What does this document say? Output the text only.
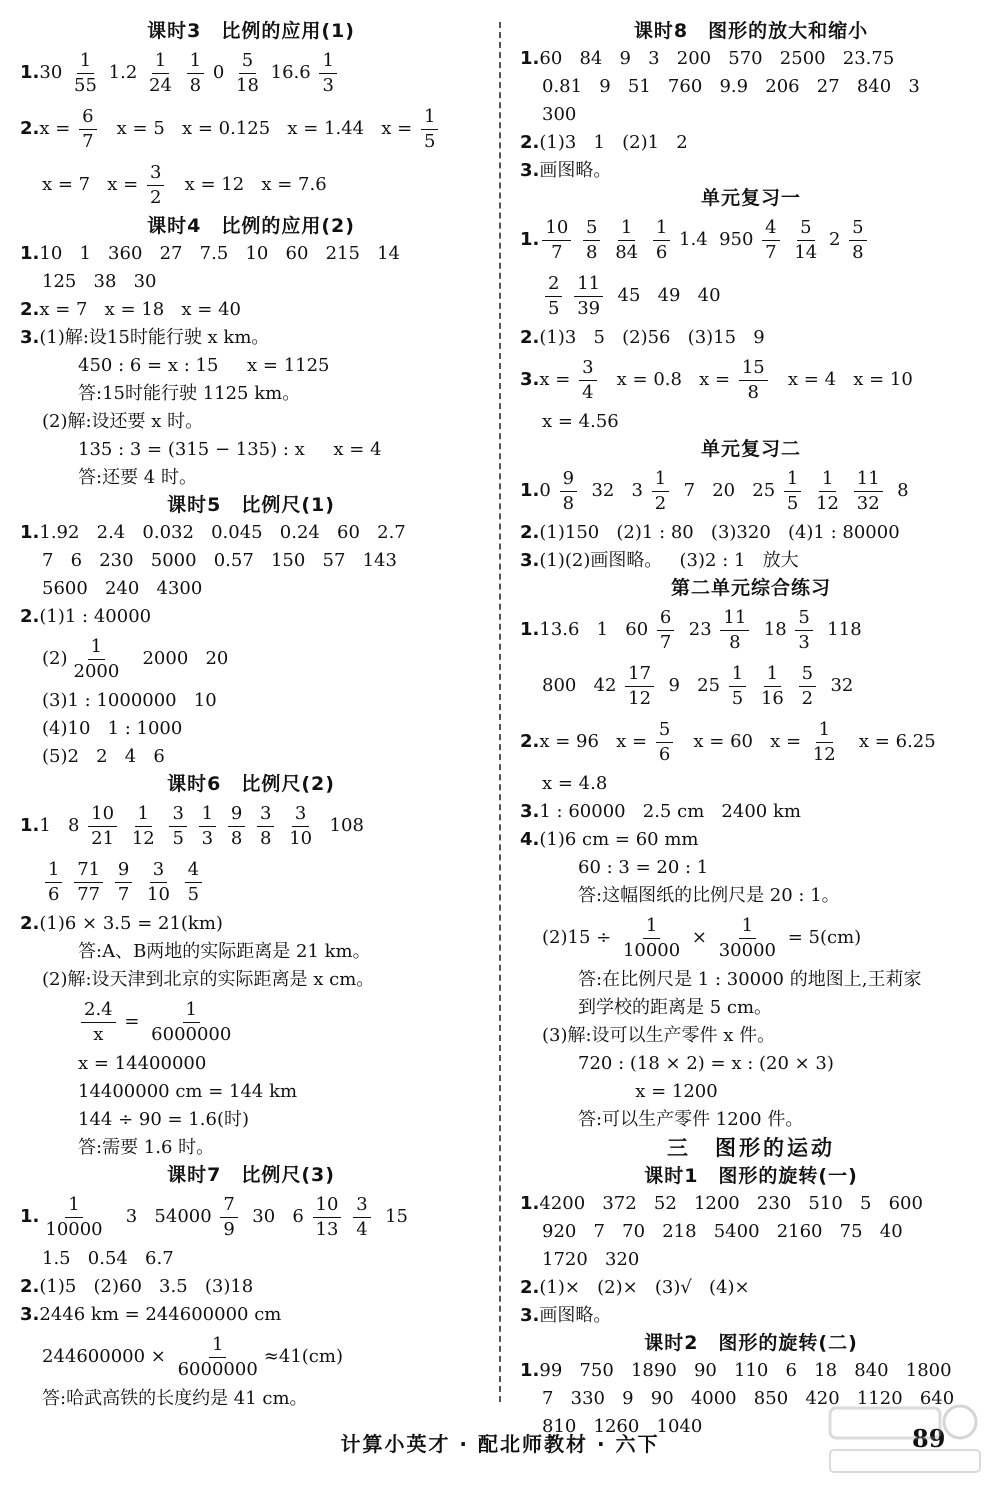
课时3　比例的应用(1)
1. $30 \frac{1}{55} 1.2 \frac{1}{24}$
$\frac{1}{8} 0 \frac{5}{18} 16.6 \frac{1}{3}$
2. $x = \frac{6}{7}$ x = 5   x = 0.125   x = 1.44   $x = \frac{1}{5}$
x = 7   $x = \frac{3}{2}$ x = 12   x = 7.6
课时4　比例的应用(2)
1. 10   1   360   27   7.5   10   60   215   14
125   38   30
2. x = 7   x = 18   x = 40
3. (1)解:设15时能行驶 x km。
450 : 6 = x : 15     x = 1125
答:15时能行驶 1125 km。
(2)解:设还要 x 时。
135 : 3 = (315 − 135) : x     x = 4
答:还要 4 时。
课时5　比例尺(1)
1. 1.92   2.4   0.032   0.045   0.24   60   2.7
7   6   230   5000   0.57   150   57   143
5600   240   4300
2. (1)1 : 40000
$(2) \frac{1}{2000} 2000$   20
(3)1 : 1000000   10
(4)10   1 : 1000
(5)2   2   4   6
课时6　比例尺(2)
1. 1   $8 \frac{10}{21}$
$\frac{1}{12}$
$\frac{3}{5}$
$\frac{1}{3}$
$\frac{9}{8}$
$\frac{3}{8}$
$\frac{3}{10} 108$
$\frac{1}{6}$
$\frac{71}{77}$
$\frac{9}{7}$
$\frac{3}{10}$
$\frac{4}{5}$
2. (1)6 × 3.5 = 21(km)
答:A、B两地的实际距离是 21 km。
(2)解:设天津到北京的实际距离是 x cm。
$\frac{2.4}{x} = \frac{1}{6000000}$
x = 14400000
14400000 cm = 144 km
144 ÷ 90 = 1.6(时)
答:需要 1.6 时。
课时7　比例尺(3)
1. $\frac{1}{10000} 3$   $54000 \frac{7}{9} 30$   $6 \frac{10}{13}$
$\frac{3}{4} 15$
1.5   0.54   6.7
2. (1)5   (2)60   3.5   (3)18
3. 2446 km = 244600000 cm
$244600000 \times \frac{1}{6000000} \approx 41(cm)$
答:哈武高铁的长度约是 41 cm。
课时8　图形的放大和缩小
1. 60   84   9   3   200   570   2500   23.75
0.81   9   51   760   9.9   206   27   840   3
300
2. (1)3   1   (2)1   2
3. 画图略。
单元复习一
1. $\frac{10}{7}$
$\frac{5}{8}$
$\frac{1}{84}$
$\frac{1}{6} 1.4$  $950 \frac{4}{7}$
$\frac{5}{14} 2 \frac{5}{8}$
$\frac{2}{5}$
$\frac{11}{39} 45$   49   40
2. (1)3   5   (2)56   (3)15   9
3. $x = \frac{3}{4}$ x = 0.8   $x = \frac{15}{8}$ x = 4   x = 10
x = 4.56
单元复习二
1. $0 \frac{9}{8} 32$   $3 \frac{1}{2} 7$   20   $25 \frac{1}{5}$
$\frac{1}{12}$
$\frac{11}{32} 8$
2. (1)150   (2)1 : 80   (3)320   (4)1 : 80000
3. (1)(2)画图略。   (3)2 : 1   放大
第二单元综合练习
1. 13.6   1   $60 \frac{6}{7} 23 \frac{11}{8} 18 \frac{5}{3} 118$
800   $42 \frac{17}{12} 9$   $25 \frac{1}{5}$
$\frac{1}{16}$
$\frac{5}{2} 32$
2. x = 96   $x = \frac{5}{6}$ x = 60   $x = \frac{1}{12}$ x = 6.25
x = 4.8
3. 1 : 60000   2.5 cm   2400 km
4. (1)6 cm = 60 mm
60 : 3 = 20 : 1
答:这幅图纸的比例尺是 20 : 1。
$(2)15 \div \frac{1}{10000} \times \frac{1}{30000} = 5(cm)$
答:在比例尺是 1 : 30000 的地图上,王莉家
到学校的距离是 5 cm。
(3)解:设可以生产零件 x 件。
720 : (18 × 2) = x : (20 × 3)
x = 1200
答:可以生产零件 1200 件。
三　图形的运动
课时1　图形的旋转(一)
1. 4200   372   52   1200   230   510   5   600
920   7   70   218   5400   2160   75   40
1720   320
2. (1)×   (2)×   (3)√   (4)×
3. 画图略。
课时2　图形的旋转(二)
1. 99   750   1890   90   110   6   18   840   1800
7   330   9   90   4000   850   420   1120   640
810   1260   1040
计算小英才 · 配北师教材 · 六下	89
